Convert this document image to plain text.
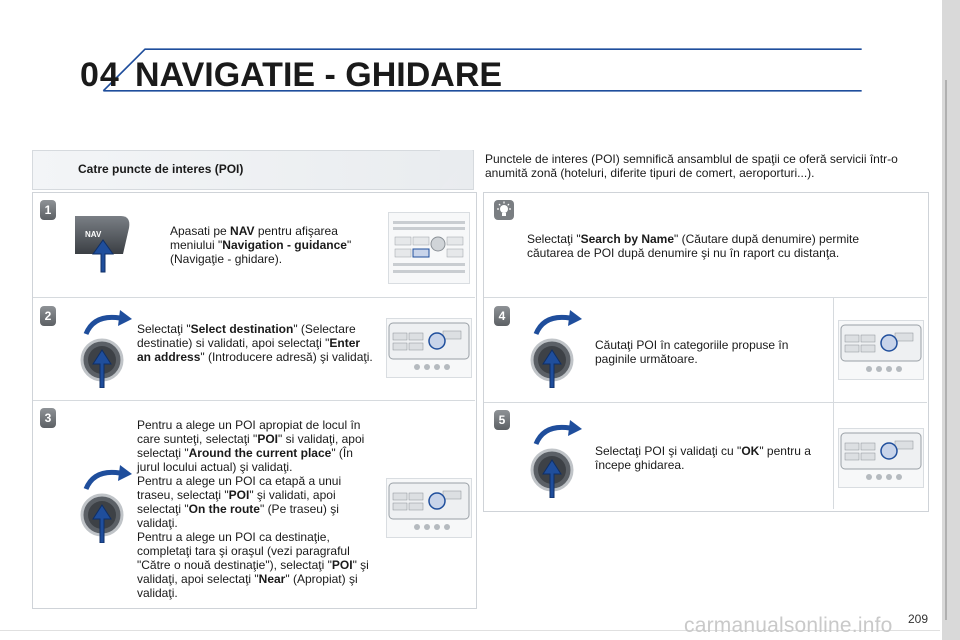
04 NAVIGATIE - GHIDARE
Catre puncte de interes (POI)
Punctele de interes (POI) semnifică ansamblul de spaţii ce oferă servicii într-o anumită zonă (hoteluri, diferite tipuri de comert, aeroporturi...).
1
NAV	Apasati pe NAV pentru afişarea meniului "Navigation - guidance" (Navigaţie - ghidare).
2
Selectaţi "Select destination" (Selectare destinatie) si validati, apoi selectaţi "Enter an address" (Introducere adresă) şi validaţi.
3	Pentru a alege un POI apropiat de locul în care sunteţi, selectaţi "POI" si validaţi, apoi selectaţi "Around the current place" (În jurul locului actual) şi validaţi.
Pentru a alege un POI ca etapă a unui traseu, selectaţi "POI" şi validati, apoi selectaţi "On the route" (Pe traseu) şi validaţi.
Pentru a alege un POI ca destinaţie, completaţi tara şi oraşul (vezi paragraful "Către o nouă destinaţie"), selectaţi "POI" şi validaţi, apoi selectaţi "Near" (Apropiat) şi validaţi.
Selectaţi "Search by Name" (Căutare după denumire) permite căutarea de POI după denumire şi nu în raport cu distanţa.
4
Căutaţi POI în categoriile propuse în paginile următoare.
5
Selectaţi POI şi validaţi cu "OK" pentru a începe ghidarea.
carmanualsonline.info 209
